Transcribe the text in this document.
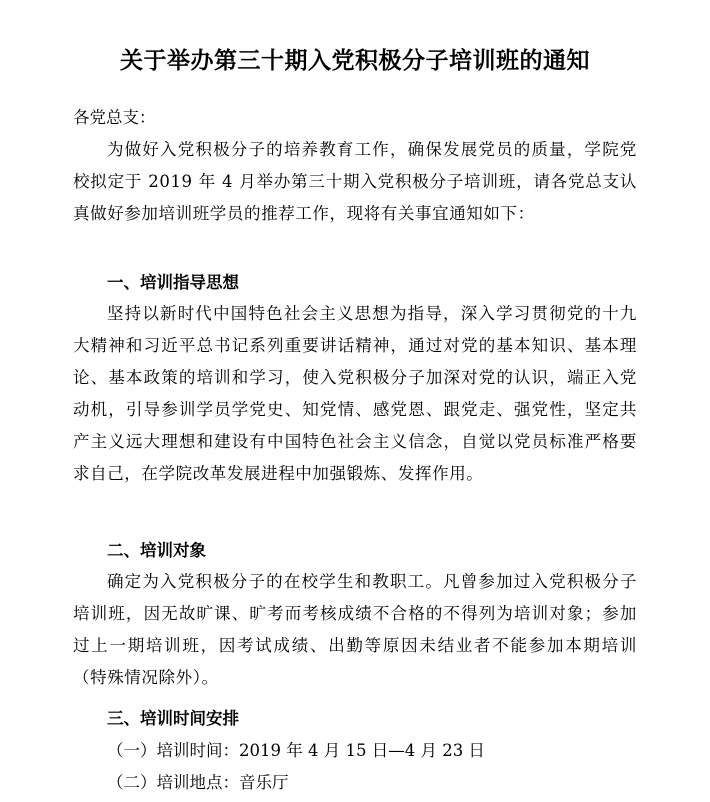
关于举办第三十期入党积极分子培训班的通知
各党总支：

为做好入党积极分子的培养教育工作，确保发展党员的质量，学院党校拟定于 2019 年 4 月举办第三十期入党积极分子培训班，请各党总支认真做好参加培训班学员的推荐工作，现将有关事宜通知如下：

一、培训指导思想

坚持以新时代中国特色社会主义思想为指导，深入学习贯彻党的十九大精神和习近平总书记系列重要讲话精神，通过对党的基本知识、基本理论、基本政策的培训和学习，使入党积极分子加深对党的认识，端正入党动机，引导参训学员学党史、知党情、感党恩、跟党走、强党性，坚定共产主义远大理想和建设有中国特色社会主义信念，自觉以党员标准严格要求自己，在学院改革发展进程中加强锻炼、发挥作用。

二、培训对象

确定为入党积极分子的在校学生和教职工。凡曾参加过入党积极分子培训班，因无故旷课、旷考而考核成绩不合格的不得列为培训对象；参加过上一期培训班，因考试成绩、出勤等原因未结业者不能参加本期培训（特殊情况除外）。

三、培训时间安排
（一）培训时间：2019 年 4 月 15 日—4 月 23 日
（二）培训地点：音乐厅
